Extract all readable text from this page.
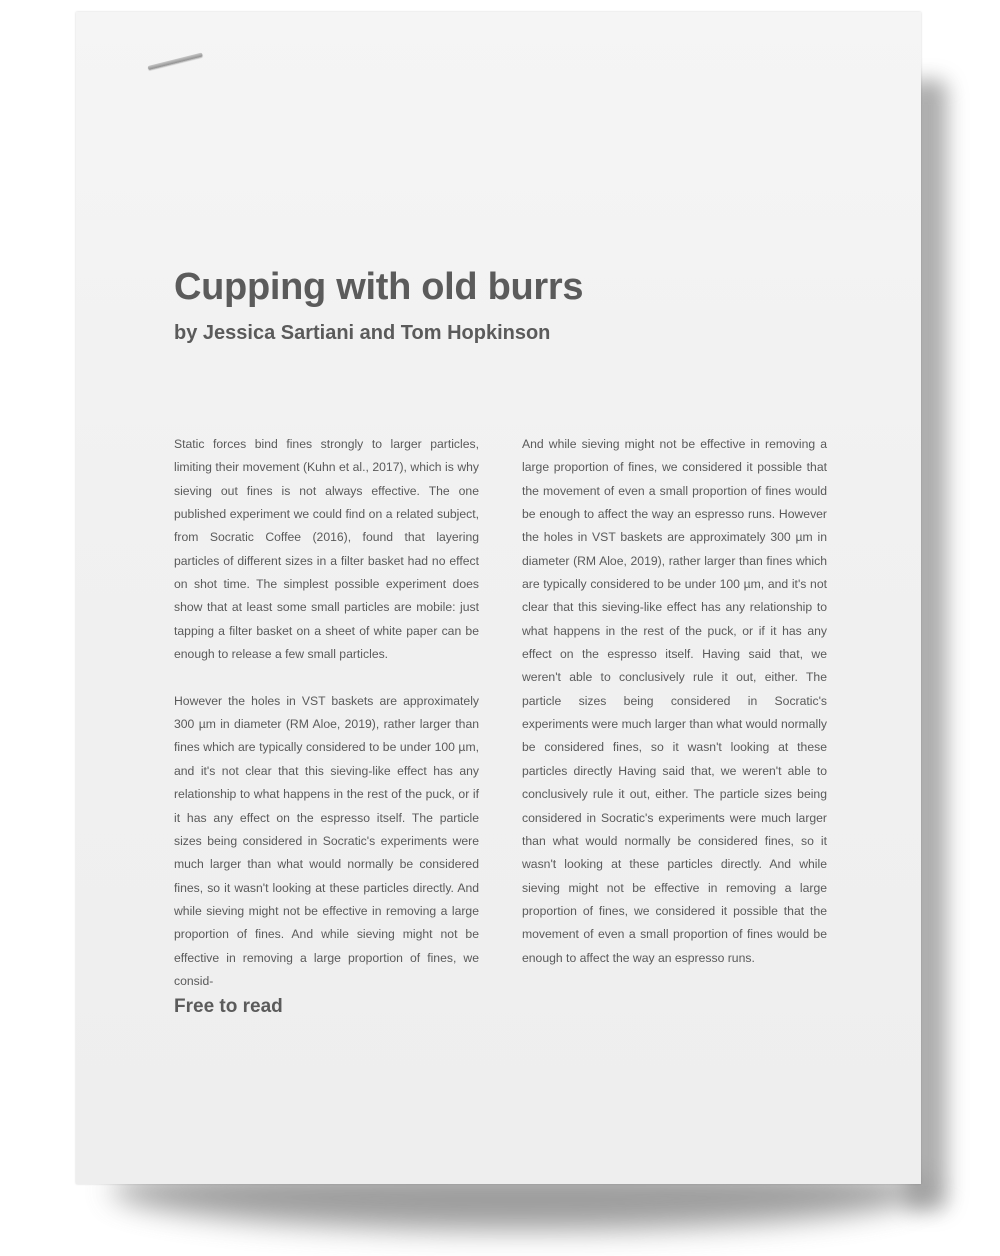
Cupping with old burrs
by Jessica Sartiani and Tom Hopkinson

Static forces bind fines strongly to larger particles, limiting their movement (Kuhn et al., 2017), which is why sieving out fines is not always effective. The one published experiment we could find on a related subject, from Socratic Coffee (2016), found that layering particles of different sizes in a filter basket had no effect on shot time. The simplest possible experiment does show that at least some small particles are mobile: just tapping a filter basket on a sheet of white paper can be enough to release a few small particles.

However the holes in VST baskets are approximately 300 µm in diameter (RM Aloe, 2019), rather larger than fines which are typically considered to be under 100 µm, and it's not clear that this sieving-like effect has any relationship to what happens in the rest of the puck, or if it has any effect on the espresso itself. The particle sizes being considered in Socratic's experiments were much larger than what would normally be considered fines, so it wasn't looking at these particles directly. And while sieving might not be effective in removing a large proportion of fines. And while sieving might not be effective in removing a large proportion of fines, we consid-

And while sieving might not be effective in removing a large proportion of fines, we considered it possible that the movement of even a small proportion of fines would be enough to affect the way an espresso runs. However the holes in VST baskets are approximately 300 µm in diameter (RM Aloe, 2019), rather larger than fines which are typically considered to be under 100 µm, and it's not clear that this sieving-like effect has any relationship to what happens in the rest of the puck, or if it has any effect on the espresso itself. Having said that, we weren't able to conclusively rule it out, either. The particle sizes being considered in Socratic's experiments were much larger than what would normally be considered fines, so it wasn't looking at these particles directly Having said that, we weren't able to conclusively rule it out, either. The particle sizes being considered in Socratic's experiments were much larger than what would normally be considered fines, so it wasn't looking at these particles directly. And while sieving might not be effective in removing a large proportion of fines, we considered it possible that the movement of even a small proportion of fines would be enough to affect the way an espresso runs.

Free to read
